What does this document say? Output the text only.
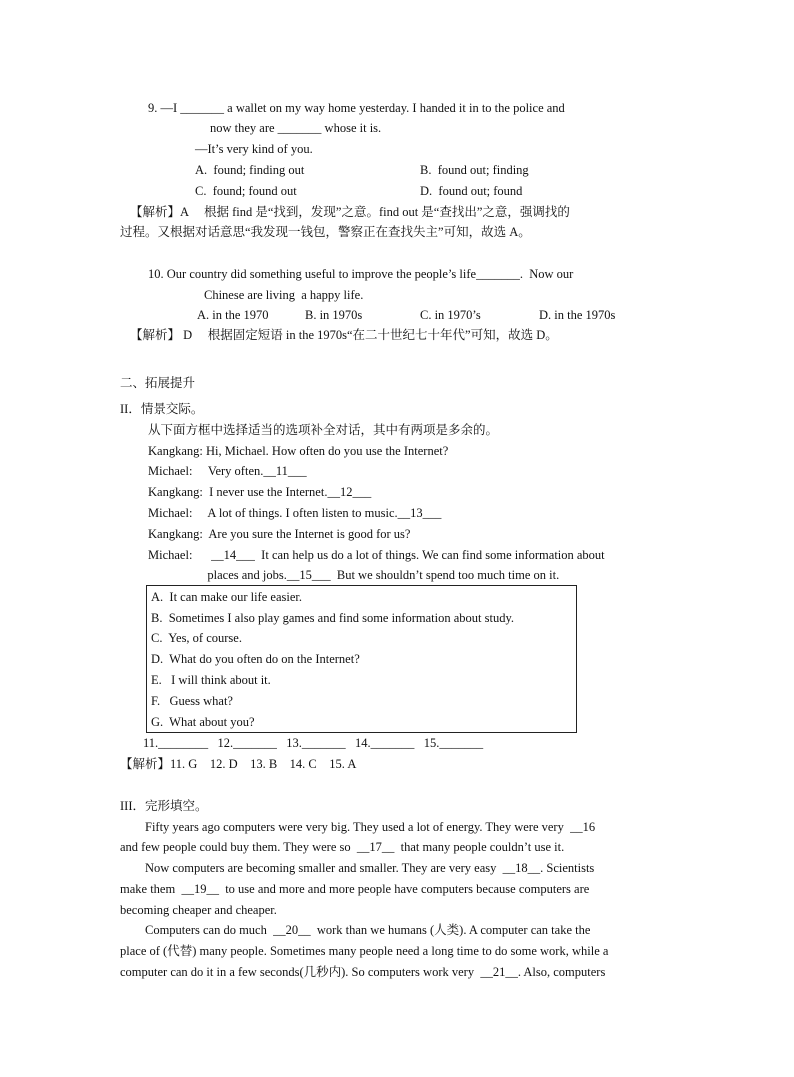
9. —I _______ a wallet on my way home yesterday. I handed it in to the police and
now they are _______ whose it is.
—It’s very kind of you.
A.  found; finding out	B.  found out; finding
C.  found; found out	D.  found out; found
【解析】A     根据 find 是“找到，发现”之意。find out 是“查找出”之意，强调找的
过程。又根据对话意思“我发现一钱包，警察正在查找失主”可知，故选 A。
10. Our country did something useful to improve the people’s life_______.  Now our
Chinese are living  a happy life.
A. in the 1970	B. in 1970s	C. in 1970’s	D. in the 1970s
【解析】 D     根据固定短语 in the 1970s“在二十世纪七十年代”可知，故选 D。
二、拓展提升
II．情景交际。
从下面方框中选择适当的选项补全对话，其中有两项是多余的。
Kangkang: Hi, Michael. How often do you use the Internet?
Michael:     Very often.__11___
Kangkang:  I never use the Internet.__12___
Michael:     A lot of things. I often listen to music.__13___
Kangkang:  Are you sure the Internet is good for us?
Michael:      __14___  It can help us do a lot of things. We can find some information about
places and jobs.__15___  But we shouldn’t spend too much time on it.
A.  It can make our life easier.
B.  Sometimes I also play games and find some information about study.
C.  Yes, of course.
D.  What do you often do on the Internet?
E.   I will think about it.
F.   Guess what?
G.  What about you?
11.________   12._______   13._______   14._______   15._______
【解析】11. G    12. D    13. B    14. C    15. A
III．完形填空。
Fifty years ago computers were very big. They used a lot of energy. They were very  __16
and few people could buy them. They were so  __17__  that many people couldn’t use it.
Now computers are becoming smaller and smaller. They are very easy  __18__. Scientists
make them  __19__  to use and more and more people have computers because computers are
becoming cheaper and cheaper.
Computers can do much  __20__  work than we humans (人类). A computer can take the
place of (代替) many people. Sometimes many people need a long time to do some work, while a
computer can do it in a few seconds(几秒内). So computers work very  __21__. Also, computers
